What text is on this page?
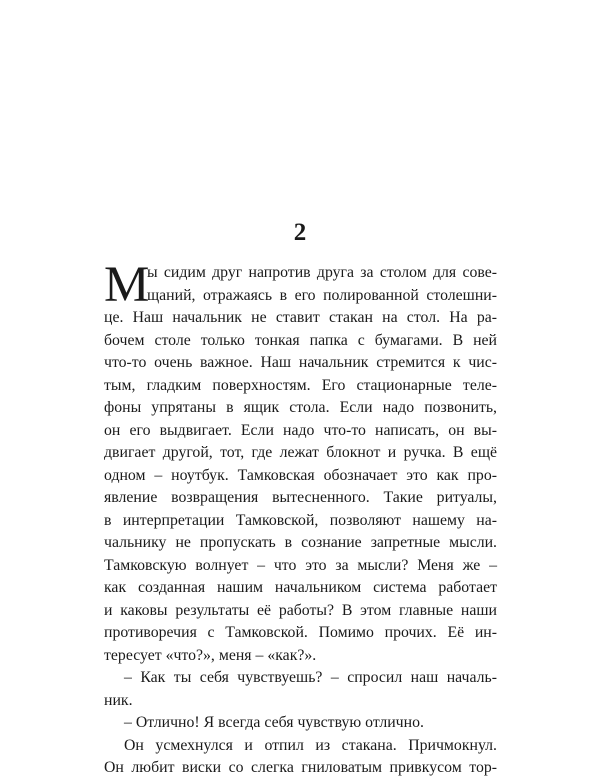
2
М
ы сидим друг напротив друга за столом для сове-
щаний, отражаясь в его полированной столешни-
це. Наш начальник не ставит стакан на стол. На ра-
бочем столе только тонкая папка с бумагами. В ней
что-то очень важное. Наш начальник стремится к чис-
тым, гладким поверхностям. Его стационарные теле-
фоны упрятаны в ящик стола. Если надо позвонить,
он его выдвигает. Если надо что-то написать, он вы-
двигает другой, тот, где лежат блокнот и ручка. В ещё
одном – ноутбук. Тамковская обозначает это как про-
явление возвращения вытесненного. Такие ритуалы,
в интерпретации Тамковской, позволяют нашему на-
чальнику не пропускать в сознание запретные мысли.
Тамковскую волнует – что это за мысли? Меня же –
как созданная нашим начальником система работает
и каковы результаты её работы? В этом главные наши
противоречия с Тамковской. Помимо прочих. Её ин-
тересует «что?», меня – «как?».
– Как ты себя чувствуешь? – спросил наш началь-
ник.
– Отлично! Я всегда себя чувствую отлично.
Он усмехнулся и отпил из стакана. Причмокнул.
Он любит виски со слегка гниловатым привкусом тор-
